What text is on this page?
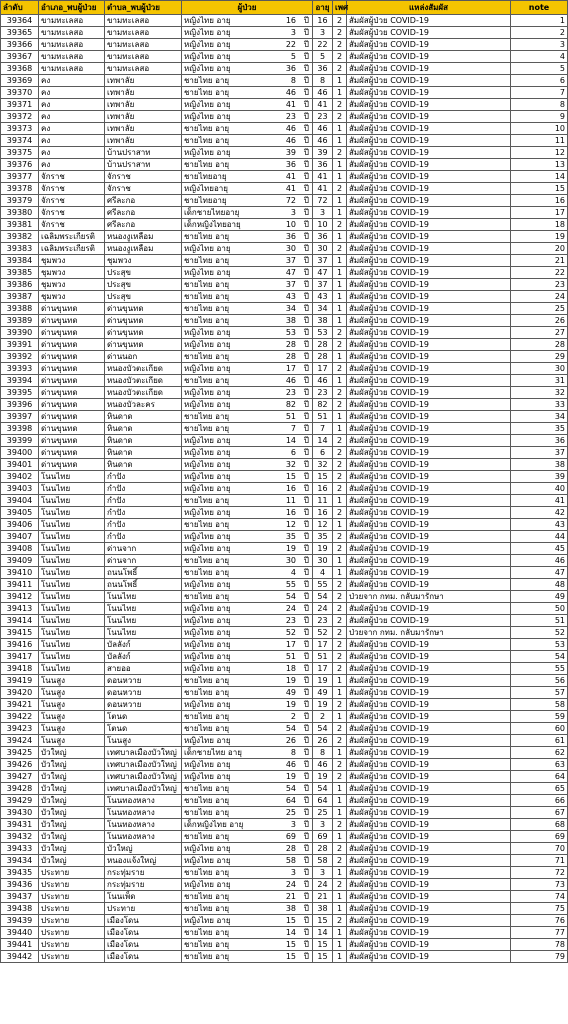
ลำดับ	อำเภอ_พบผู้ป่วย	ตำบล_พบผู้ป่วย	ผู้ป่วย	อายุ	เพศ	แหล่งสัมผัส	note
39364	ขามทะเลสอ	ขามทะเลสอ	หญิงไทย อายุ 16 ปี	16	2	สัมผัสผู้ป่วย COVID-19	1
39365	ขามทะเลสอ	ขามทะเลสอ	หญิงไทย อายุ 3 ปี	3	2	สัมผัสผู้ป่วย COVID-19	2
39366	ขามทะเลสอ	ขามทะเลสอ	หญิงไทย อายุ 22 ปี	22	2	สัมผัสผู้ป่วย COVID-19	3
39367	ขามทะเลสอ	ขามทะเลสอ	หญิงไทย อายุ 5 ปี	5	2	สัมผัสผู้ป่วย COVID-19	4
39368	ขามทะเลสอ	ขามทะเลสอ	หญิงไทย อายุ 36 ปี	36	2	สัมผัสผู้ป่วย COVID-19	5
39369	คง	เทพาลัย	ชายไทย อายุ 8 ปี	8	1	สัมผัสผู้ป่วย COVID-19	6
39370	คง	เทพาลัย	ชายไทย อายุ 46 ปี	46	1	สัมผัสผู้ป่วย COVID-19	7
39371	คง	เทพาลัย	หญิงไทย อายุ 41 ปี	41	2	สัมผัสผู้ป่วย COVID-19	8
39372	คง	เทพาลัย	หญิงไทย อายุ 23 ปี	23	2	สัมผัสผู้ป่วย COVID-19	9
39373	คง	เทพาลัย	ชายไทย อายุ 46 ปี	46	1	สัมผัสผู้ป่วย COVID-19	10
39374	คง	เทพาลัย	ชายไทย อายุ 46 ปี	46	1	สัมผัสผู้ป่วย COVID-19	11
39375	คง	บ้านปราสาท	หญิงไทย อายุ 39 ปี	39	2	สัมผัสผู้ป่วย COVID-19	12
39376	คง	บ้านปราสาท	ชายไทย อายุ 36 ปี	36	1	สัมผัสผู้ป่วย COVID-19	13
39377	จักราช	จักราช	ชายไทยอายุ 41 ปี	41	1	สัมผัสผู้ป่วย COVID-19	14
39378	จักราช	จักราช	หญิงไทยอายุ 41 ปี	41	2	สัมผัสผู้ป่วย COVID-19	15
39379	จักราช	ศรีละกอ	ชายไทยอายุ 72 ปี	72	1	สัมผัสผู้ป่วย COVID-19	16
39380	จักราช	ศรีละกอ	เด็กชายไทยอายุ 3 ปี	3	1	สัมผัสผู้ป่วย COVID-19	17
39381	จักราช	ศรีละกอ	เด็กหญิงไทยอายุ 10 ปี	10	2	สัมผัสผู้ป่วย COVID-19	18
39382	เฉลิมพระเกียรติ	หนองงูเหลือม	ชายไทย อายุ 36 ปี	36	1	สัมผัสผู้ป่วย COVID-19	19
39383	เฉลิมพระเกียรติ	หนองงูเหลือม	หญิงไทย อายุ 30 ปี	30	2	สัมผัสผู้ป่วย COVID-19	20
39384	ชุมพวง	ชุมพวง	ชายไทย อายุ 37 ปี	37	1	สัมผัสผู้ป่วย COVID-19	21
39385	ชุมพวง	ประสุข	หญิงไทย อายุ 47 ปี	47	1	สัมผัสผู้ป่วย COVID-19	22
39386	ชุมพวง	ประสุข	ชายไทย อายุ 37 ปี	37	1	สัมผัสผู้ป่วย COVID-19	23
39387	ชุมพวง	ประสุข	ชายไทย อายุ 43 ปี	43	1	สัมผัสผู้ป่วย COVID-19	24
39388	ด่านขุนทด	ด่านขุนทด	ชายไทย อายุ 34 ปี	34	1	สัมผัสผู้ป่วย COVID-19	25
39389	ด่านขุนทด	ด่านขุนทด	ชายไทย อายุ 38 ปี	38	1	สัมผัสผู้ป่วย COVID-19	26
39390	ด่านขุนทด	ด่านขุนทด	หญิงไทย อายุ 53 ปี	53	2	สัมผัสผู้ป่วย COVID-19	27
39391	ด่านขุนทด	ด่านขุนทด	หญิงไทย อายุ 28 ปี	28	2	สัมผัสผู้ป่วย COVID-19	28
39392	ด่านขุนทด	ด่านนอก	ชายไทย อายุ 28 ปี	28	1	สัมผัสผู้ป่วย COVID-19	29
39393	ด่านขุนทด	หนองบัวตะเกียด	หญิงไทย อายุ 17 ปี	17	2	สัมผัสผู้ป่วย COVID-19	30
39394	ด่านขุนทด	หนองบัวตะเกียด	ชายไทย อายุ 46 ปี	46	1	สัมผัสผู้ป่วย COVID-19	31
39395	ด่านขุนทด	หนองบัวตะเกียด	หญิงไทย อายุ 23 ปี	23	2	สัมผัสผู้ป่วย COVID-19	32
39396	ด่านขุนทด	หนองบัวละคร	หญิงไทย อายุ 82 ปี	82	2	สัมผัสผู้ป่วย COVID-19	33
39397	ด่านขุนทด	หินดาด	ชายไทย อายุ 51 ปี	51	1	สัมผัสผู้ป่วย COVID-19	34
39398	ด่านขุนทด	หินดาด	ชายไทย อายุ 7 ปี	7	1	สัมผัสผู้ป่วย COVID-19	35
39399	ด่านขุนทด	หินดาด	หญิงไทย อายุ 14 ปี	14	2	สัมผัสผู้ป่วย COVID-19	36
39400	ด่านขุนทด	หินดาด	หญิงไทย อายุ 6 ปี	6	2	สัมผัสผู้ป่วย COVID-19	37
39401	ด่านขุนทด	หินดาด	หญิงไทย อายุ 32 ปี	32	2	สัมผัสผู้ป่วย COVID-19	38
39402	โนนไทย	กำปัง	หญิงไทย อายุ 15 ปี	15	2	สัมผัสผู้ป่วย COVID-19	39
39403	โนนไทย	กำปัง	หญิงไทย อายุ 16 ปี	16	2	สัมผัสผู้ป่วย COVID-19	40
39404	โนนไทย	กำปัง	ชายไทย อายุ 11 ปี	11	1	สัมผัสผู้ป่วย COVID-19	41
39405	โนนไทย	กำปัง	หญิงไทย อายุ 16 ปี	16	2	สัมผัสผู้ป่วย COVID-19	42
39406	โนนไทย	กำปัง	ชายไทย อายุ 12 ปี	12	1	สัมผัสผู้ป่วย COVID-19	43
39407	โนนไทย	กำปัง	หญิงไทย อายุ 35 ปี	35	2	สัมผัสผู้ป่วย COVID-19	44
39408	โนนไทย	ด่านจาก	หญิงไทย อายุ 19 ปี	19	2	สัมผัสผู้ป่วย COVID-19	45
39409	โนนไทย	ด่านจาก	ชายไทย อายุ 30 ปี	30	1	สัมผัสผู้ป่วย COVID-19	46
39410	โนนไทย	ถนนโพธิ์	ชายไทย อายุ 4 ปี	4	1	สัมผัสผู้ป่วย COVID-19	47
39411	โนนไทย	ถนนโพธิ์	หญิงไทย อายุ 55 ปี	55	2	สัมผัสผู้ป่วย COVID-19	48
39412	โนนไทย	โนนไทย	ชายไทย อายุ 54 ปี	54	2	ป่วยจาก กทม. กลับมารักษา	49
39413	โนนไทย	โนนไทย	หญิงไทย อายุ 24 ปี	24	2	สัมผัสผู้ป่วย COVID-19	50
39414	โนนไทย	โนนไทย	หญิงไทย อายุ 23 ปี	23	2	สัมผัสผู้ป่วย COVID-19	51
39415	โนนไทย	โนนไทย	หญิงไทย อายุ 52 ปี	52	2	ป่วยจาก กทม. กลับมารักษา	52
39416	โนนไทย	บัลลังก์	หญิงไทย อายุ 17 ปี	17	2	สัมผัสผู้ป่วย COVID-19	53
39417	โนนไทย	บัลลังก์	หญิงไทย อายุ 51 ปี	51	2	สัมผัสผู้ป่วย COVID-19	54
39418	โนนไทย	สายออ	หญิงไทย อายุ 18 ปี	17	2	สัมผัสผู้ป่วย COVID-19	55
39419	โนนสูง	ดอนหวาย	ชายไทย อายุ 19 ปี	19	1	สัมผัสผู้ป่วย COVID-19	56
39420	โนนสูง	ดอนหวาย	ชายไทย อายุ 49 ปี	49	1	สัมผัสผู้ป่วย COVID-19	57
39421	โนนสูง	ดอนหวาย	หญิงไทย อายุ 19 ปี	19	2	สัมผัสผู้ป่วย COVID-19	58
39422	โนนสูง	โตนด	ชายไทย อายุ 2 ปี	2	1	สัมผัสผู้ป่วย COVID-19	59
39423	โนนสูง	โตนด	ชายไทย อายุ 54 ปี	54	2	สัมผัสผู้ป่วย COVID-19	60
39424	โนนสูง	โนนสูง	หญิงไทย อายุ 26 ปี	26	2	สัมผัสผู้ป่วย COVID-19	61
39425	บัวใหญ่	เทศบาลเมืองบัวใหญ่	เด็กชายไทย อายุ 8 ปี	8	1	สัมผัสผู้ป่วย COVID-19	62
39426	บัวใหญ่	เทศบาลเมืองบัวใหญ่	หญิงไทย อายุ 46 ปี	46	2	สัมผัสผู้ป่วย COVID-19	63
39427	บัวใหญ่	เทศบาลเมืองบัวใหญ่	หญิงไทย อายุ 19 ปี	19	2	สัมผัสผู้ป่วย COVID-19	64
39428	บัวใหญ่	เทศบาลเมืองบัวใหญ่	ชายไทย อายุ 54 ปี	54	1	สัมผัสผู้ป่วย COVID-19	65
39429	บัวใหญ่	โนนทองหลาง	ชายไทย อายุ 64 ปี	64	1	สัมผัสผู้ป่วย COVID-19	66
39430	บัวใหญ่	โนนทองหลาง	ชายไทย อายุ 25 ปี	25	1	สัมผัสผู้ป่วย COVID-19	67
39431	บัวใหญ่	โนนทองหลาง	เด็กหญิงไทย อายุ 3 ปี	3	2	สัมผัสผู้ป่วย COVID-19	68
39432	บัวใหญ่	โนนทองหลาง	ชายไทย อายุ 69 ปี	69	1	สัมผัสผู้ป่วย COVID-19	69
39433	บัวใหญ่	บัวใหญ่	หญิงไทย อายุ 28 ปี	28	2	สัมผัสผู้ป่วย COVID-19	70
39434	บัวใหญ่	หนองแจ้งใหญ่	หญิงไทย อายุ 58 ปี	58	2	สัมผัสผู้ป่วย COVID-19	71
39435	ประทาย	กระทุ่มราย	ชายไทย อายุ 3 ปี	3	1	สัมผัสผู้ป่วย COVID-19	72
39436	ประทาย	กระทุ่มราย	หญิงไทย อายุ 24 ปี	24	2	สัมผัสผู้ป่วย COVID-19	73
39437	ประทาย	โนนเพ็ด	ชายไทย อายุ 21 ปี	21	1	สัมผัสผู้ป่วย COVID-19	74
39438	ประทาย	ประทาย	ชายไทย อายุ 38 ปี	38	1	สัมผัสผู้ป่วย COVID-19	75
39439	ประทาย	เมืองโดน	หญิงไทย อายุ 15 ปี	15	2	สัมผัสผู้ป่วย COVID-19	76
39440	ประทาย	เมืองโดน	ชายไทย อายุ 14 ปี	14	1	สัมผัสผู้ป่วย COVID-19	77
39441	ประทาย	เมืองโดน	ชายไทย อายุ 15 ปี	15	1	สัมผัสผู้ป่วย COVID-19	78
39442	ประทาย	เมืองโดน	ชายไทย อายุ 15 ปี	15	1	สัมผัสผู้ป่วย COVID-19	79
